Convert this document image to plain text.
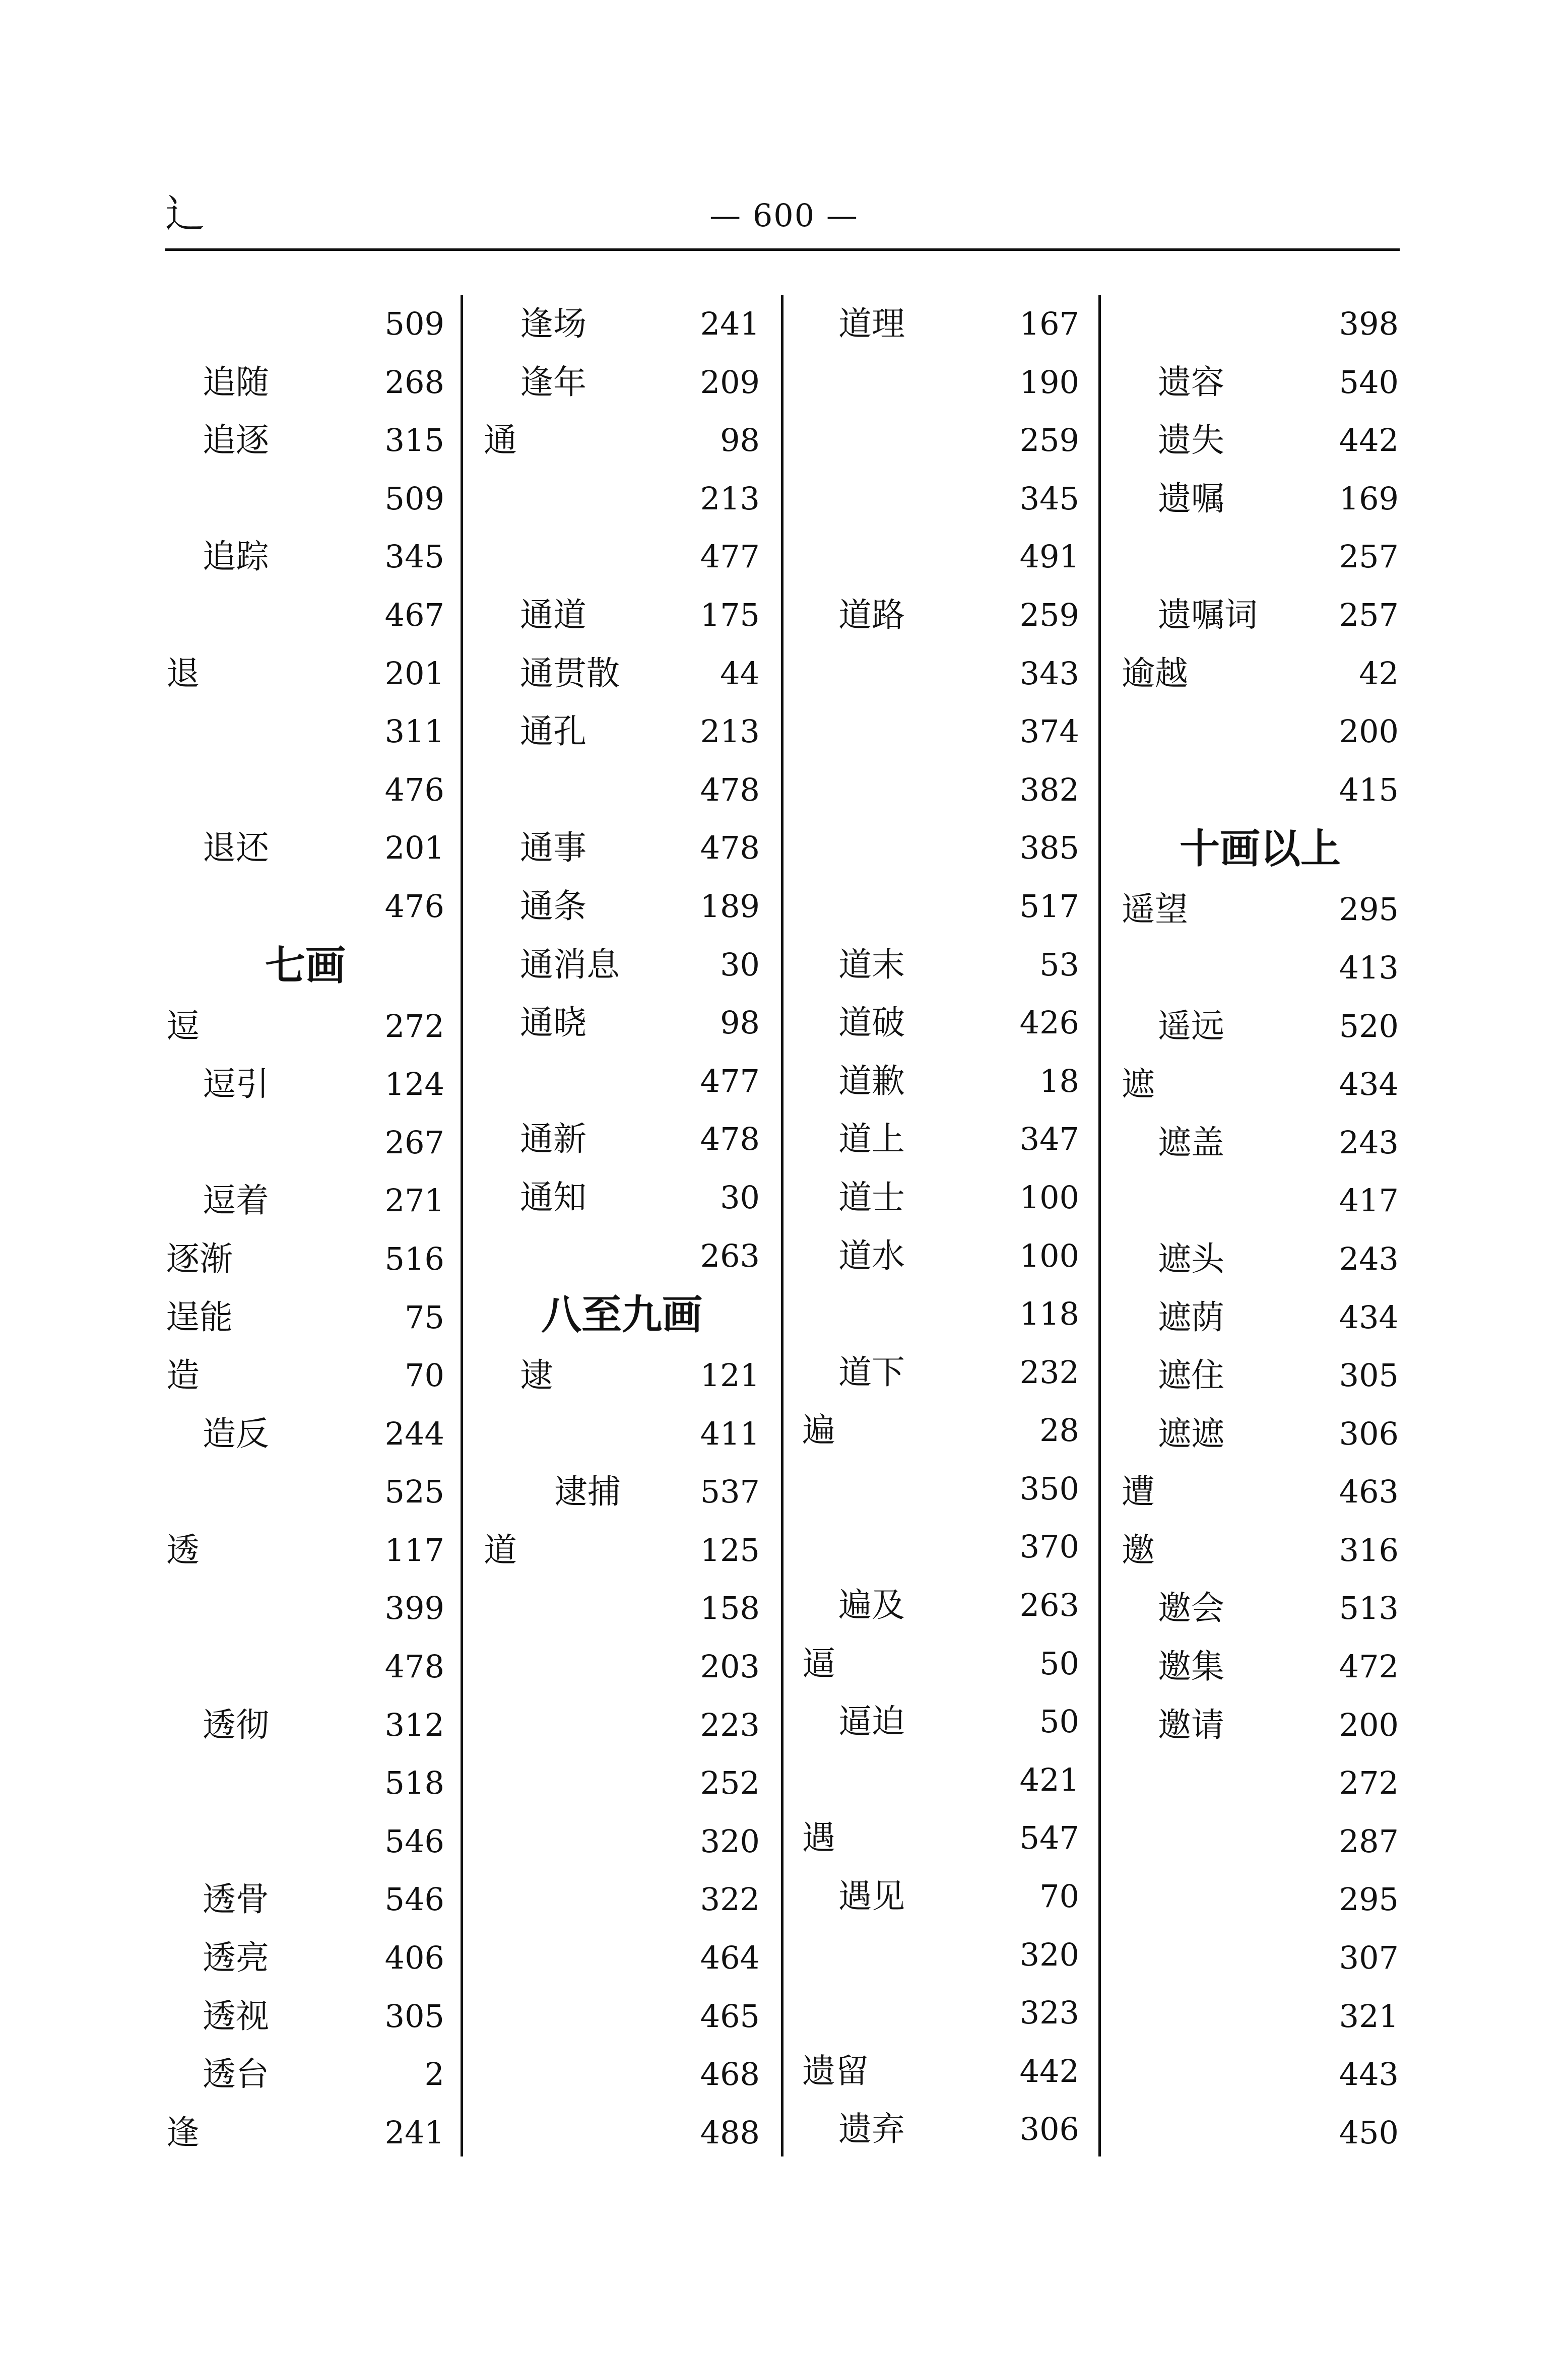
辶	— 600 —
509
追随	268
追逐	315
509
追踪	345
467
退	201
311
476
退还	201
476
七画
逗	272
逗引	124
267
逗着	271
逐渐	516
逞能	75
造	70
造反	244
525
透	117
399
478
透彻	312
518
546
透骨	546
透亮	406
透视	305
透台	2
逢	241
逢场	241
逢年	209
通	98
213
477
通道	175
通贯散	44
通孔	213
478
通事	478
通条	189
通消息	30
通晓	98
477
通新	478
通知	30
263
八至九画
逮	121
411
逮捕	537
道	125
158
203
223
252
320
322
464
465
468
488
道理	167
190
259
345
491
道路	259
343
374
382
385
517
道末	53
道破	426
道歉	18
道上	347
道士	100
道水	100
118
道下	232
遍	28
350
370
遍及	263
逼	50
逼迫	50
421
遇	547
遇见	70
320
323
遗留	442
遗弃	306
398
遗容	540
遗失	442
遗嘱	169
257
遗嘱词	257
逾越	42
200
415
十画以上
遥望	295
413
遥远	520
遮	434
遮盖	243
417
遮头	243
遮荫	434
遮住	305
遮遮	306
遭	463
邀	316
邀会	513
邀集	472
邀请	200
272
287
295
307
321
443
450
